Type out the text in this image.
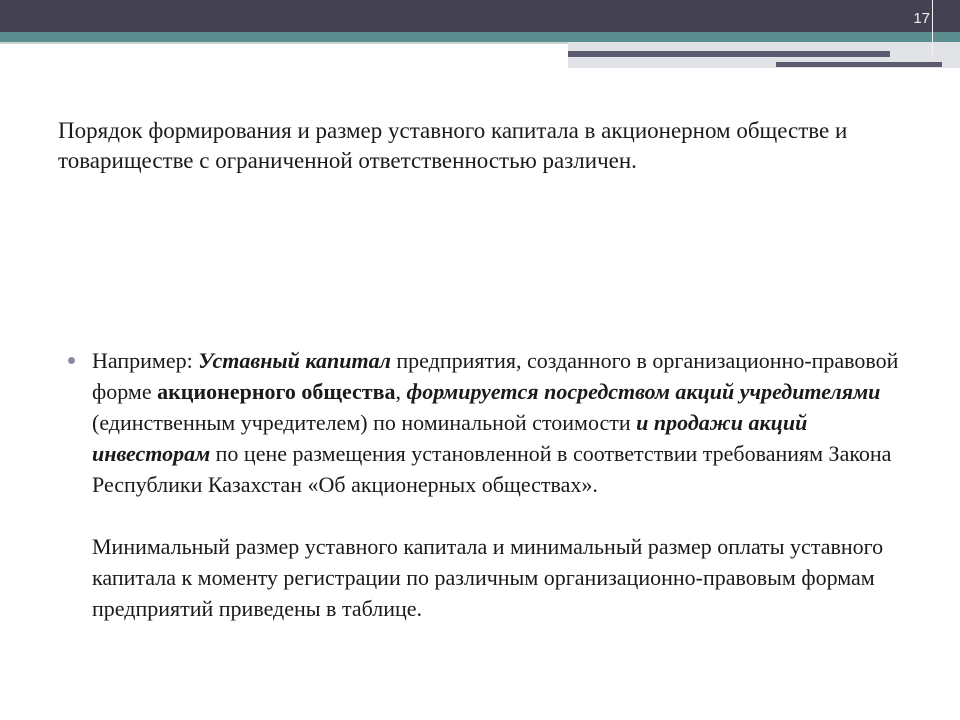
17
Порядок формирования и размер уставного капитала в акционерном обществе и товариществе с ограниченной ответственностью различен.

Например: Уставный капитал предприятия, созданного в организационно-правовой форме акционерного общества, формируется посредством акций учредителями (единственным учредителем) по номинальной стоимости и продажи акций инвесторам по цене размещения установленной в соответствии требованиям Закона Республики Казахстан «Об акционерных обществах».

Минимальный размер уставного капитала и минимальный размер оплаты уставного капитала к моменту регистрации по различным организационно-правовым формам предприятий приведены в таблице.
